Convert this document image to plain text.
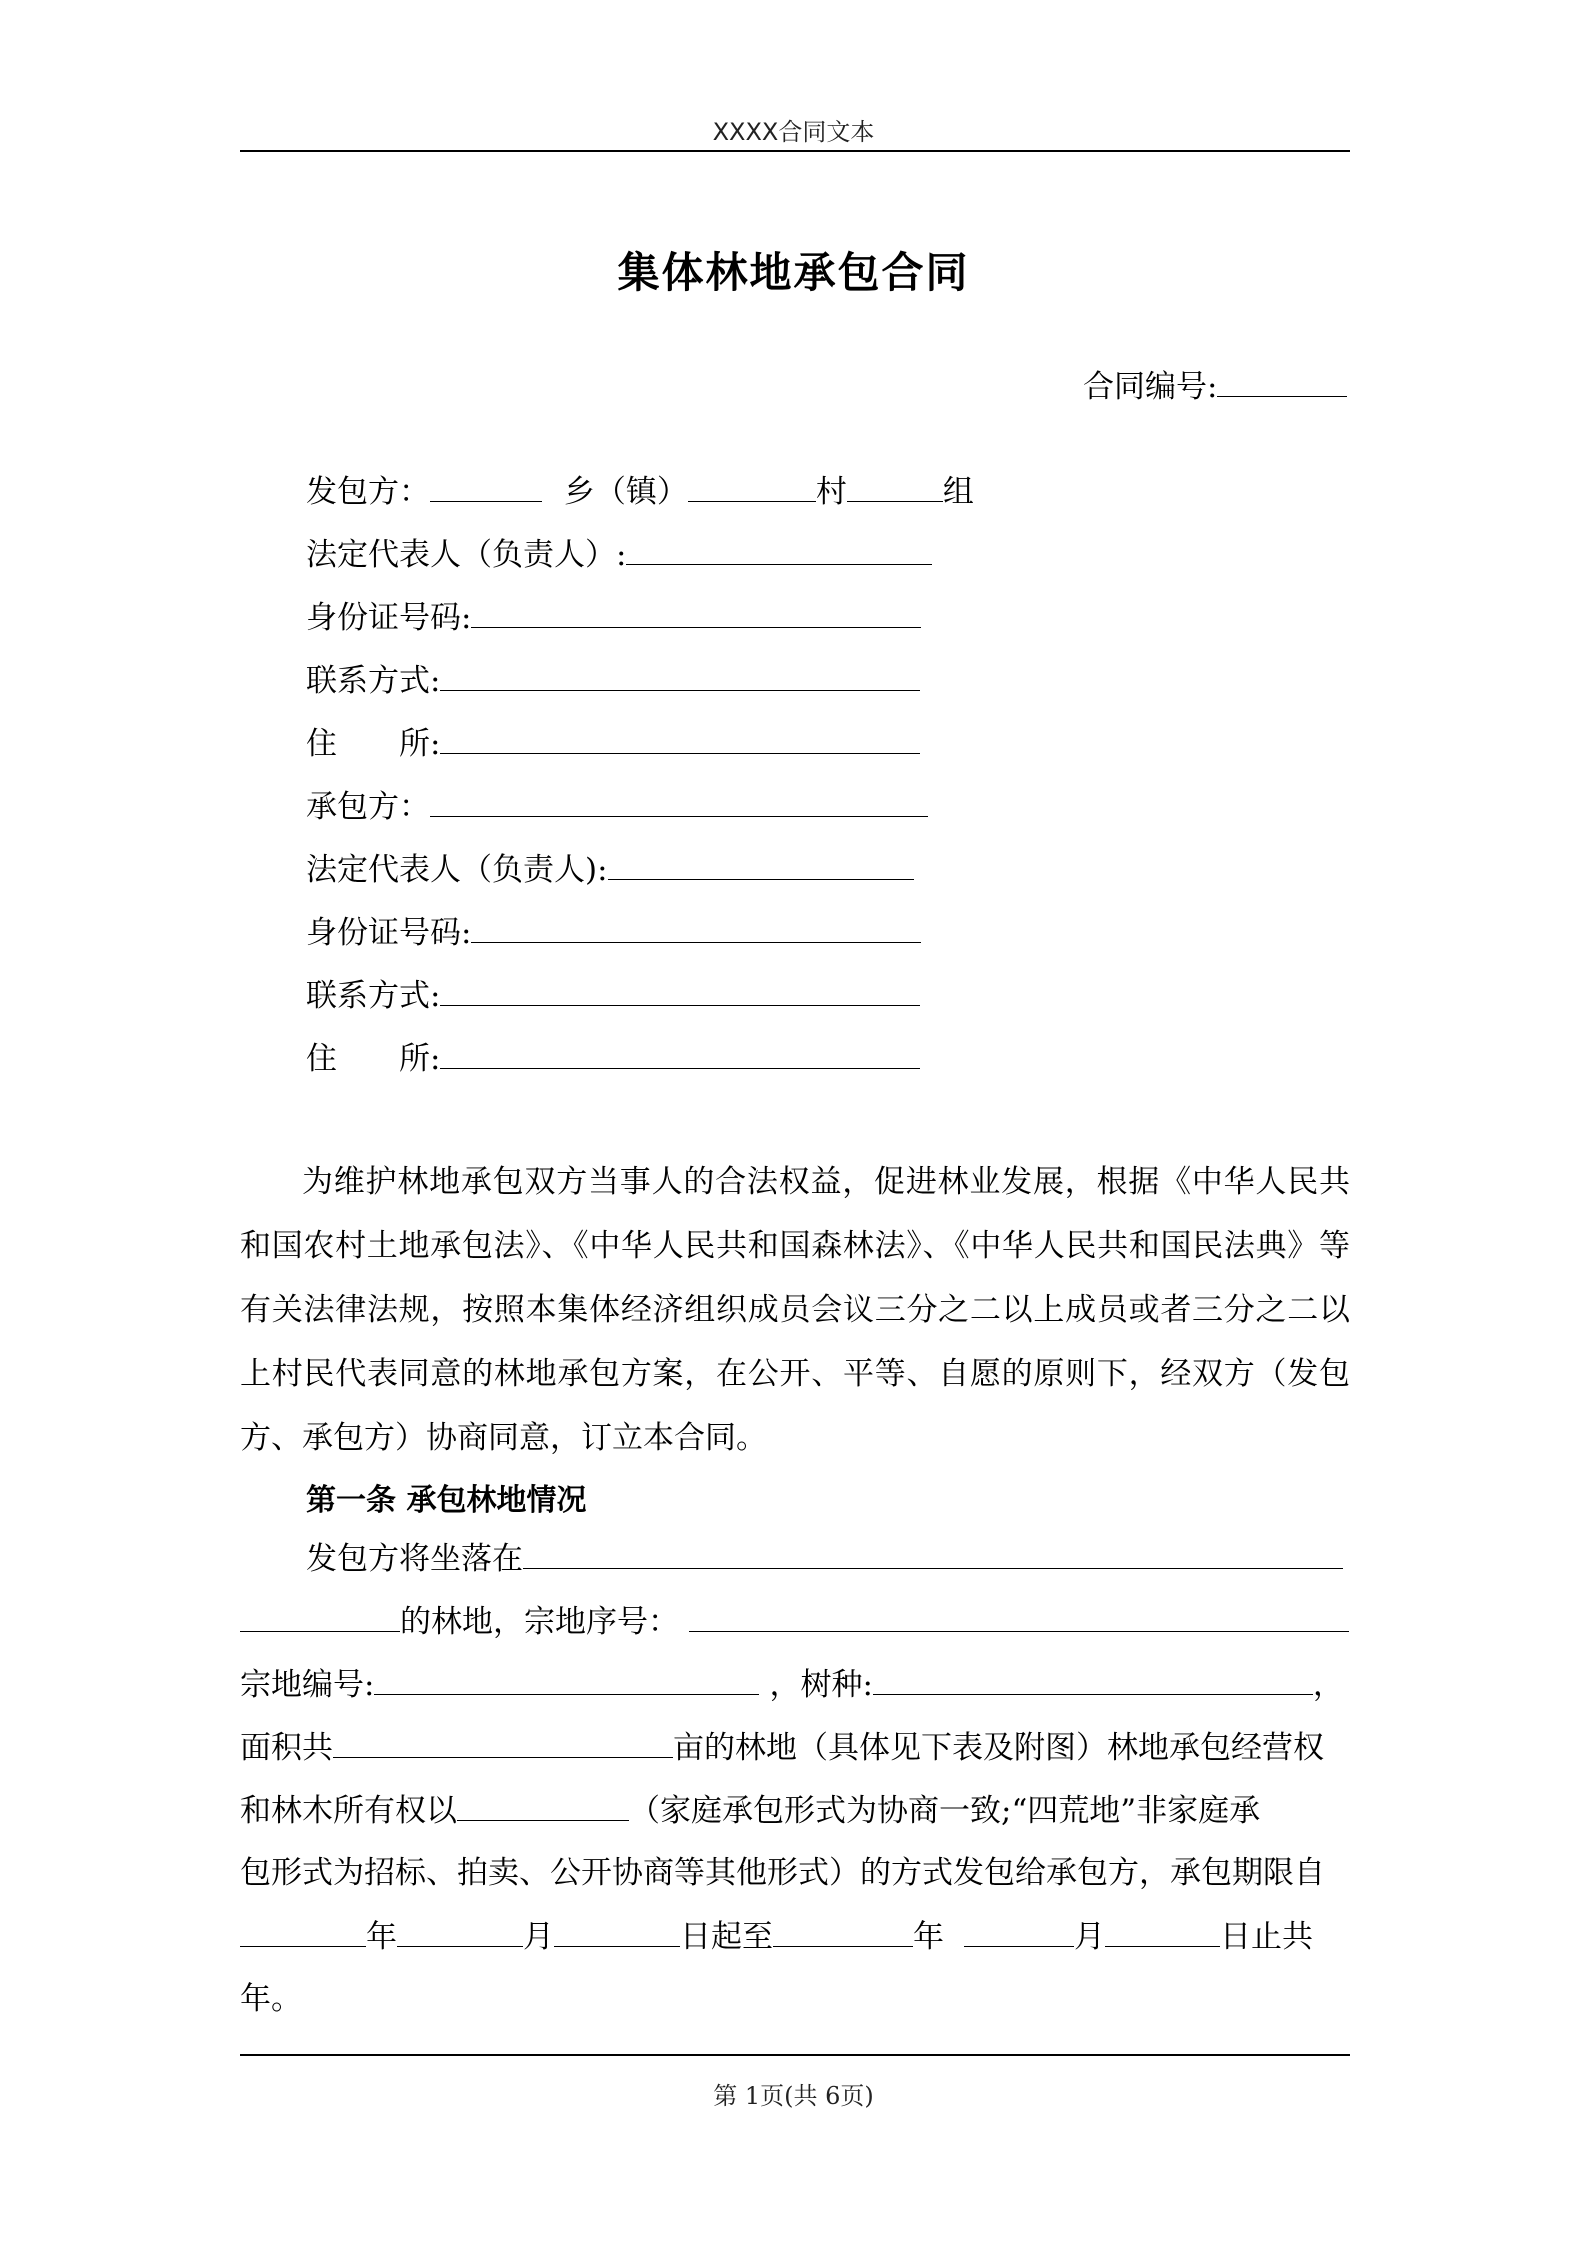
XXXX合同文本
集体林地承包合同
合同编号:
发包方：	乡（镇）	村	组
法定代表人（负责人）:
身份证号码:
联系方式:
住　　所:
承包方：
法定代表人（负责人):
身份证号码:
联系方式:
住　　所:
为维护林地承包双方当事人的合法权益，促进林业发展，根据《中华人民共和国农村土地承包法》、《中华人民共和国森林法》、《中华人民共和国民法典》等有关法律法规，按照本集体经济组织成员会议三分之二以上成员或者三分之二以上村民代表同意的林地承包方案，在公开、平等、自愿的原则下，经双方（发包方、承包方）协商同意，订立本合同。
第一条 承包林地情况
发包方将坐落在
的林地，宗地序号：
宗地编号:	，树种:	，
面积共	亩的林地（具体见下表及附图）林地承包经营权
和林木所有权以	（家庭承包形式为协商一致;“四荒地”非家庭承
包形式为招标、拍卖、公开协商等其他形式）的方式发包给承包方，承包期限自
年	月	日起至	年	月	日止共
年。
第 1页(共 6页)
